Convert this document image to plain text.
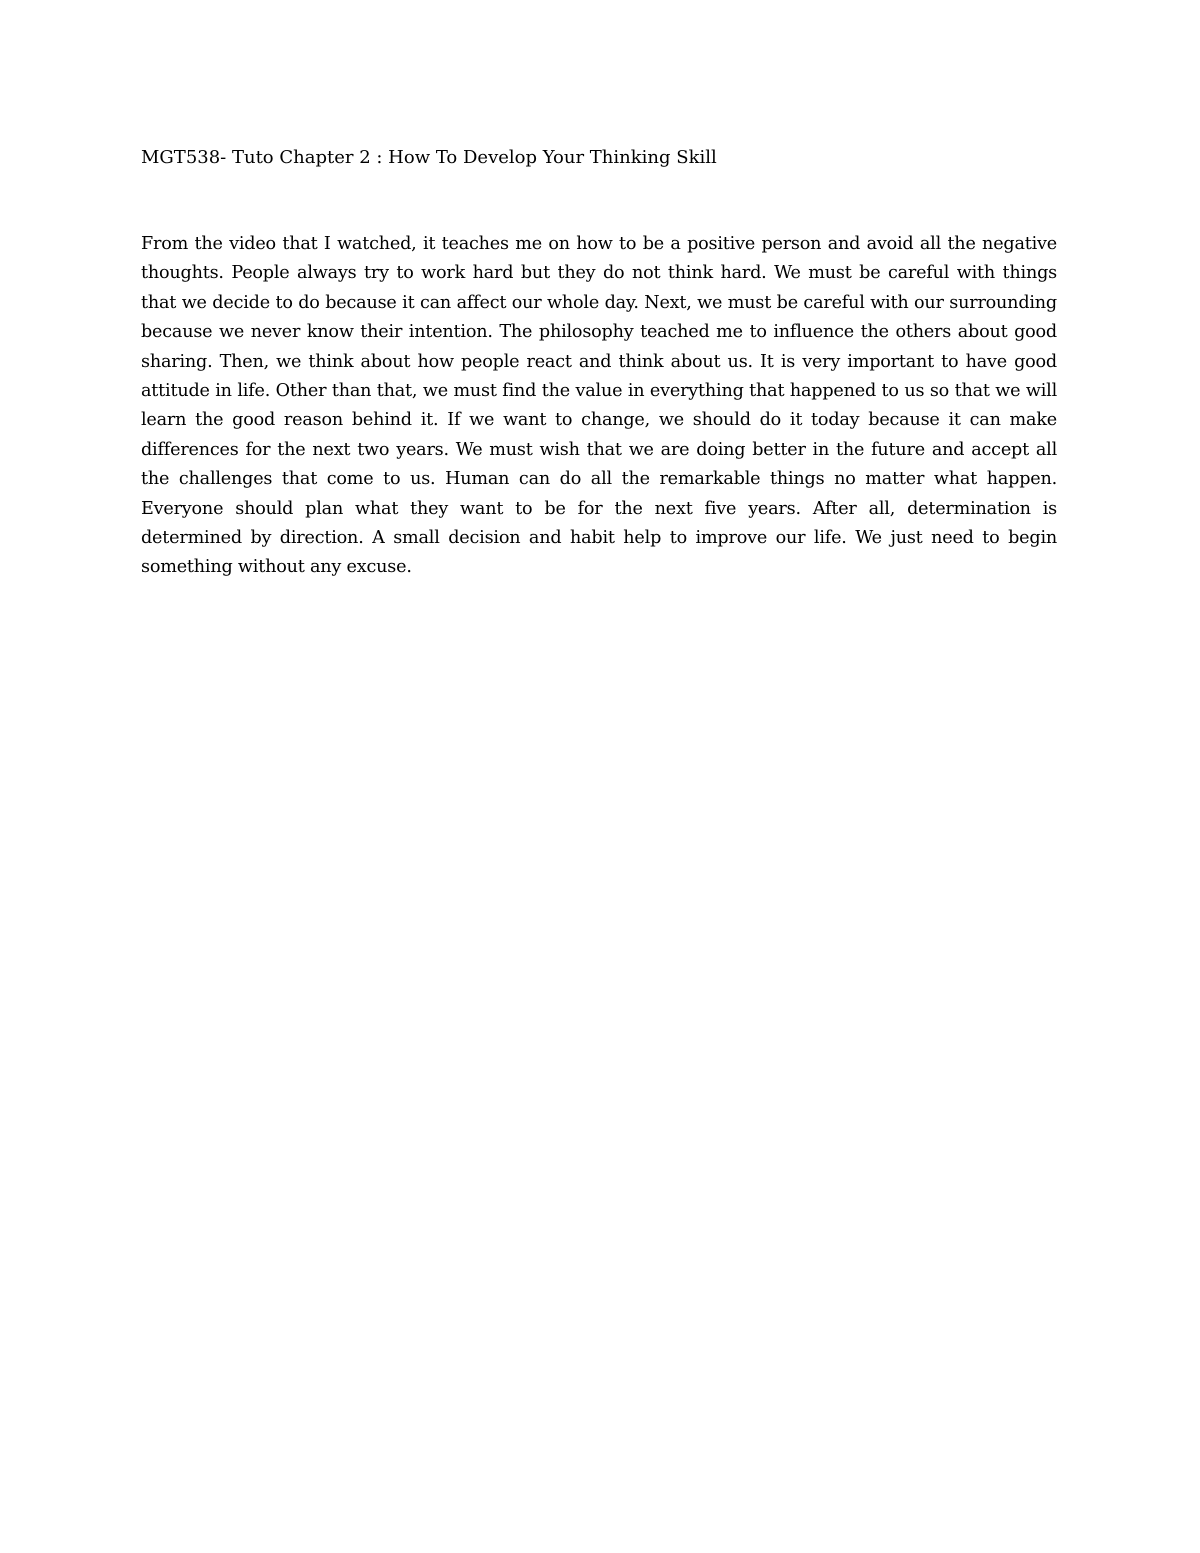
MGT538- Tuto Chapter 2 : How To Develop Your Thinking Skill

From the video that I watched, it teaches me on how to be a positive person and avoid all the negative thoughts. People always try to work hard but they do not think hard. We must be careful with things that we decide to do because it can affect our whole day. Next, we must be careful with our surrounding because we never know their intention. The philosophy teached me to influence the others about good sharing. Then, we think about how people react and think about us. It is very important to have good attitude in life. Other than that, we must find the value in everything that happened to us so that we will learn the good reason behind it. If we want to change, we should do it today because it can make differences for the next two years. We must wish that we are doing better in the future and accept all the challenges that come to us. Human can do all the remarkable things no matter what happen. Everyone should plan what they want to be for the next five years. After all, determination is determined by direction. A small decision and habit help to improve our life. We just need to begin something without any excuse.
